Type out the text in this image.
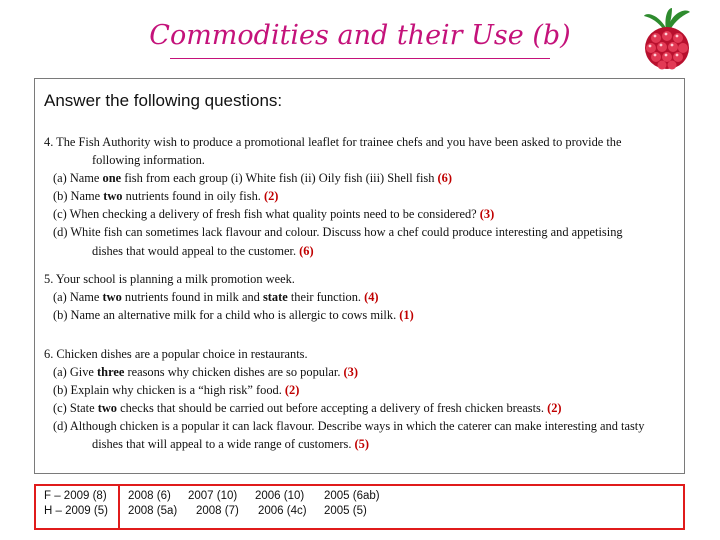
Commodities and their Use (b)
Answer the following questions:
4. The Fish Authority wish to produce a promotional leaflet for trainee chefs and you have been asked to provide the
following information.
(a) Name one fish from each group (i) White fish (ii) Oily fish (iii) Shell fish (6)
(b) Name two nutrients found in oily fish. (2)
(c) When checking a delivery of fresh fish what quality points need to be considered? (3)
(d) White fish can sometimes lack flavour and colour. Discuss how a chef could produce interesting and appetising
dishes that would appeal to the customer. (6)
5. Your school is planning a milk promotion week.
(a) Name two nutrients found in milk and state their function. (4)
(b) Name an alternative milk for a child who is allergic to cows milk. (1)
6. Chicken dishes are a popular choice in restaurants.
(a) Give three reasons why chicken dishes are so popular. (3)
(b) Explain why chicken is a “high risk” food. (2)
(c) State two checks that should be carried out before accepting a delivery of fresh chicken breasts. (2)
(d) Although chicken is a popular it can lack flavour. Describe ways in which the caterer can make interesting and tasty
dishes that will appeal to a wide range of customers. (5)
F – 2009 (8)
H – 2009 (5)
2008 (6)
2008 (5a)
2007 (10)
2008 (7)
2006 (10)
2006 (4c)
2005 (6ab)
2005 (5)
